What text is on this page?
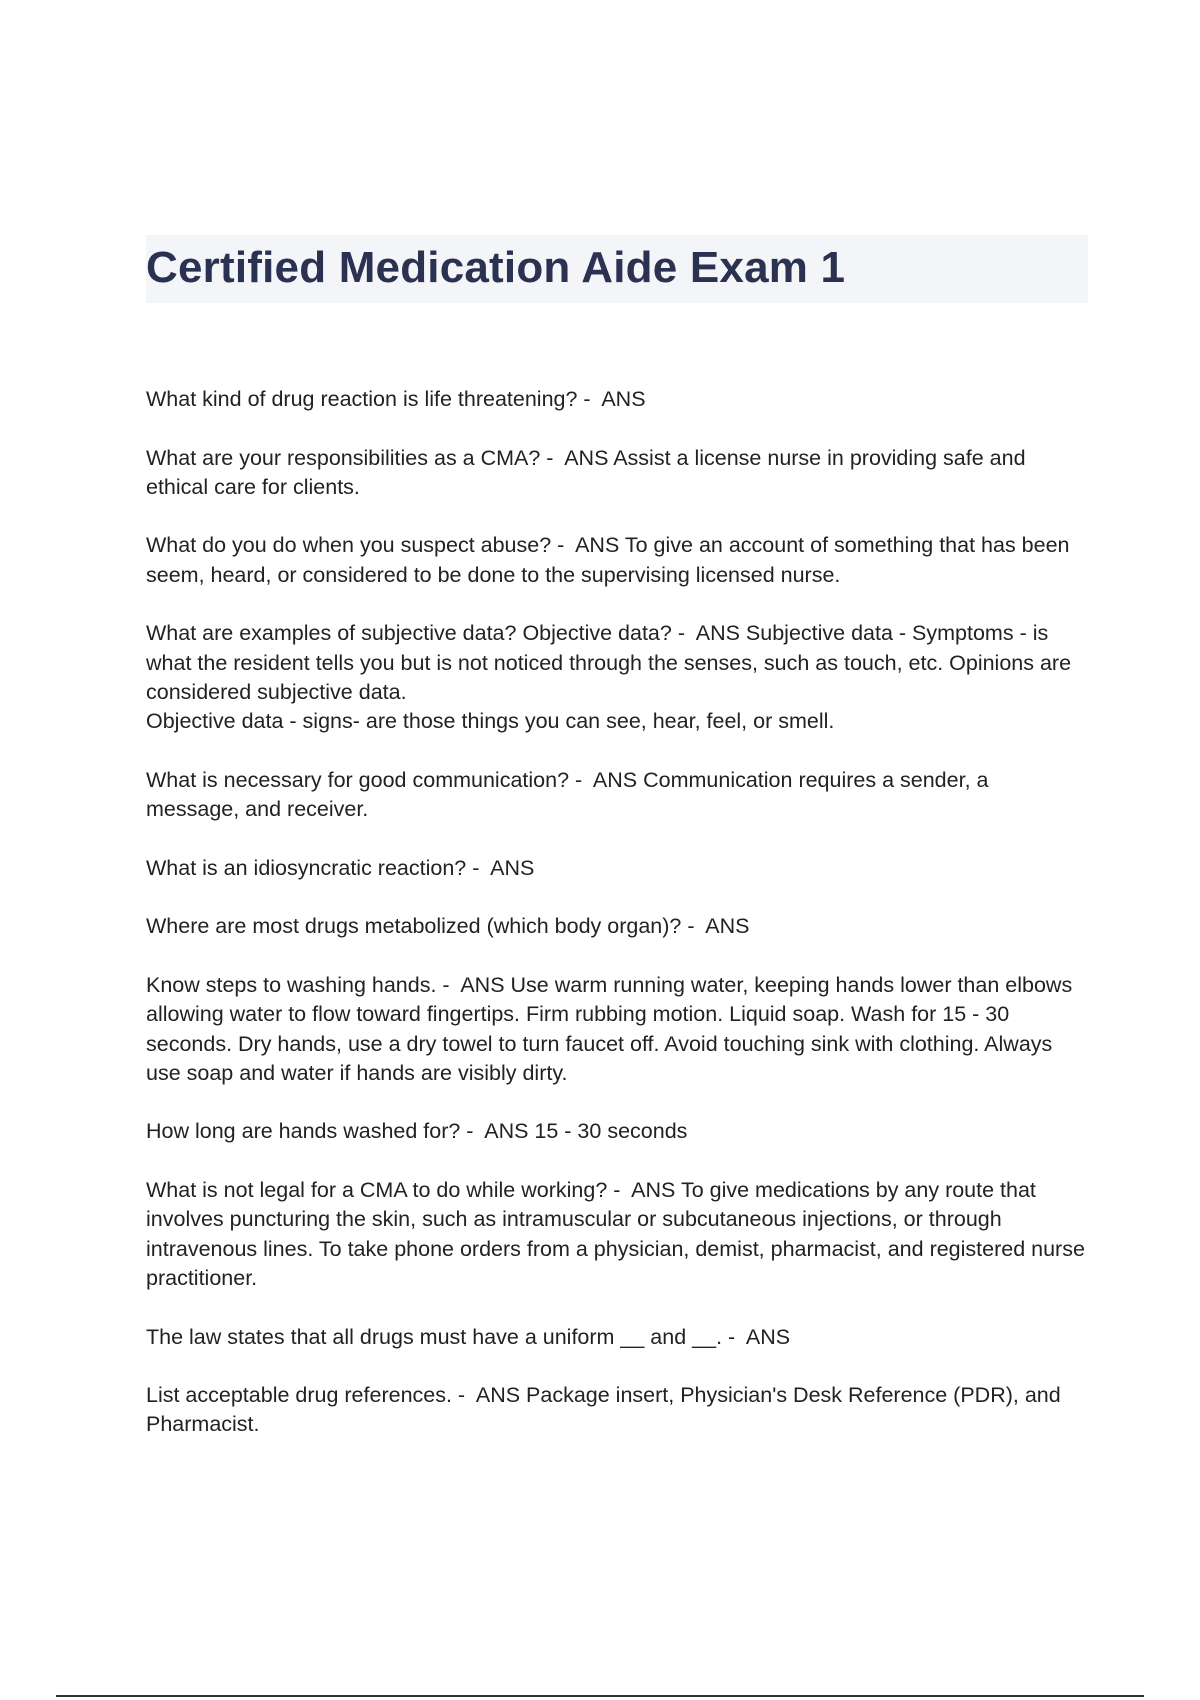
Certified Medication Aide Exam 1
What kind of drug reaction is life threatening? -  ANS
What are your responsibilities as a CMA? -  ANS Assist a license nurse in providing safe and ethical care for clients.
What do you do when you suspect abuse? -  ANS To give an account of something that has been seem, heard, or considered to be done to the supervising licensed nurse.
What are examples of subjective data? Objective data? -  ANS Subjective data - Symptoms - is what the resident tells you but is not noticed through the senses, such as touch, etc. Opinions are considered subjective data.
Objective data - signs- are those things you can see, hear, feel, or smell.
What is necessary for good communication? -  ANS Communication requires a sender, a message, and receiver.
What is an idiosyncratic reaction? -  ANS
Where are most drugs metabolized (which body organ)? -  ANS
Know steps to washing hands. -  ANS Use warm running water, keeping hands lower than elbows allowing water to flow toward fingertips. Firm rubbing motion. Liquid soap. Wash for 15 - 30 seconds. Dry hands, use a dry towel to turn faucet off. Avoid touching sink with clothing. Always use soap and water if hands are visibly dirty.
How long are hands washed for? -  ANS 15 - 30 seconds
What is not legal for a CMA to do while working? -  ANS To give medications by any route that involves puncturing the skin, such as intramuscular or subcutaneous injections, or through intravenous lines. To take phone orders from a physician, demist, pharmacist, and registered nurse practitioner.
The law states that all drugs must have a uniform __ and __. -  ANS
List acceptable drug references. -  ANS Package insert, Physician's Desk Reference (PDR), and Pharmacist.
